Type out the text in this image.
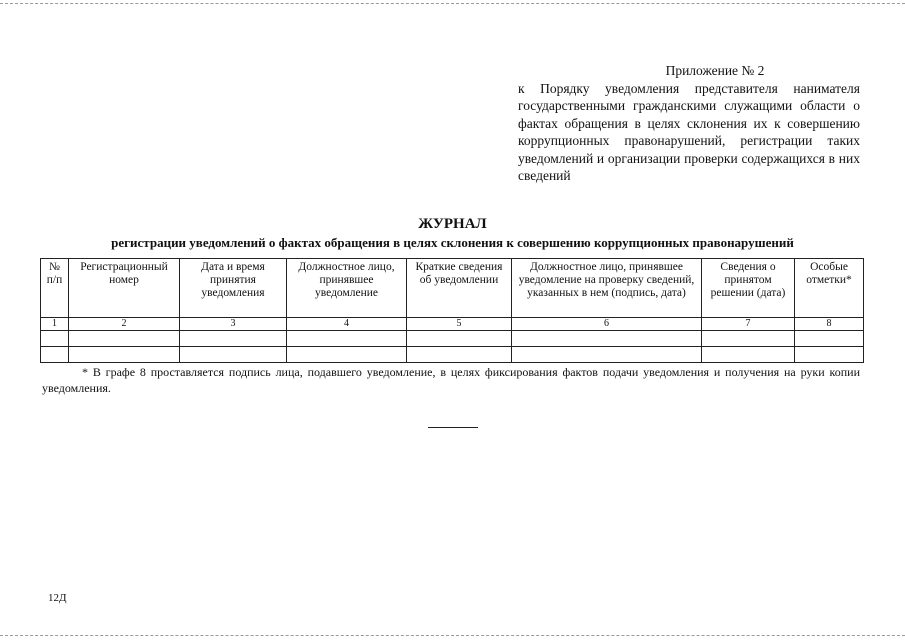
Приложение № 2
к Порядку уведомления представителя нанимателя государственными гражданскими служащими области о фактах обращения в целях склонения их к совершению коррупционных правонарушений, регистрации таких уведомлений и организации проверки содержащихся в них сведений
ЖУРНАЛ
регистрации уведомлений о фактах обращения в целях склонения к совершению коррупционных правонарушений
№ п/п	Регистрационный номер	Дата и время принятия уведомления	Должностное лицо, принявшее уведомление	Краткие сведения об уведомлении	Должностное лицо, принявшее уведомление на проверку сведений, указанных в нем (подпись, дата)	Сведения о принятом решении (дата)	Особые отметки*
1	2	3	4	5	6	7	8

* В графе 8 проставляется подпись лица, подавшего уведомление, в целях фиксирования фактов подачи уведомления и получения на руки копии уведомления.
12Д
